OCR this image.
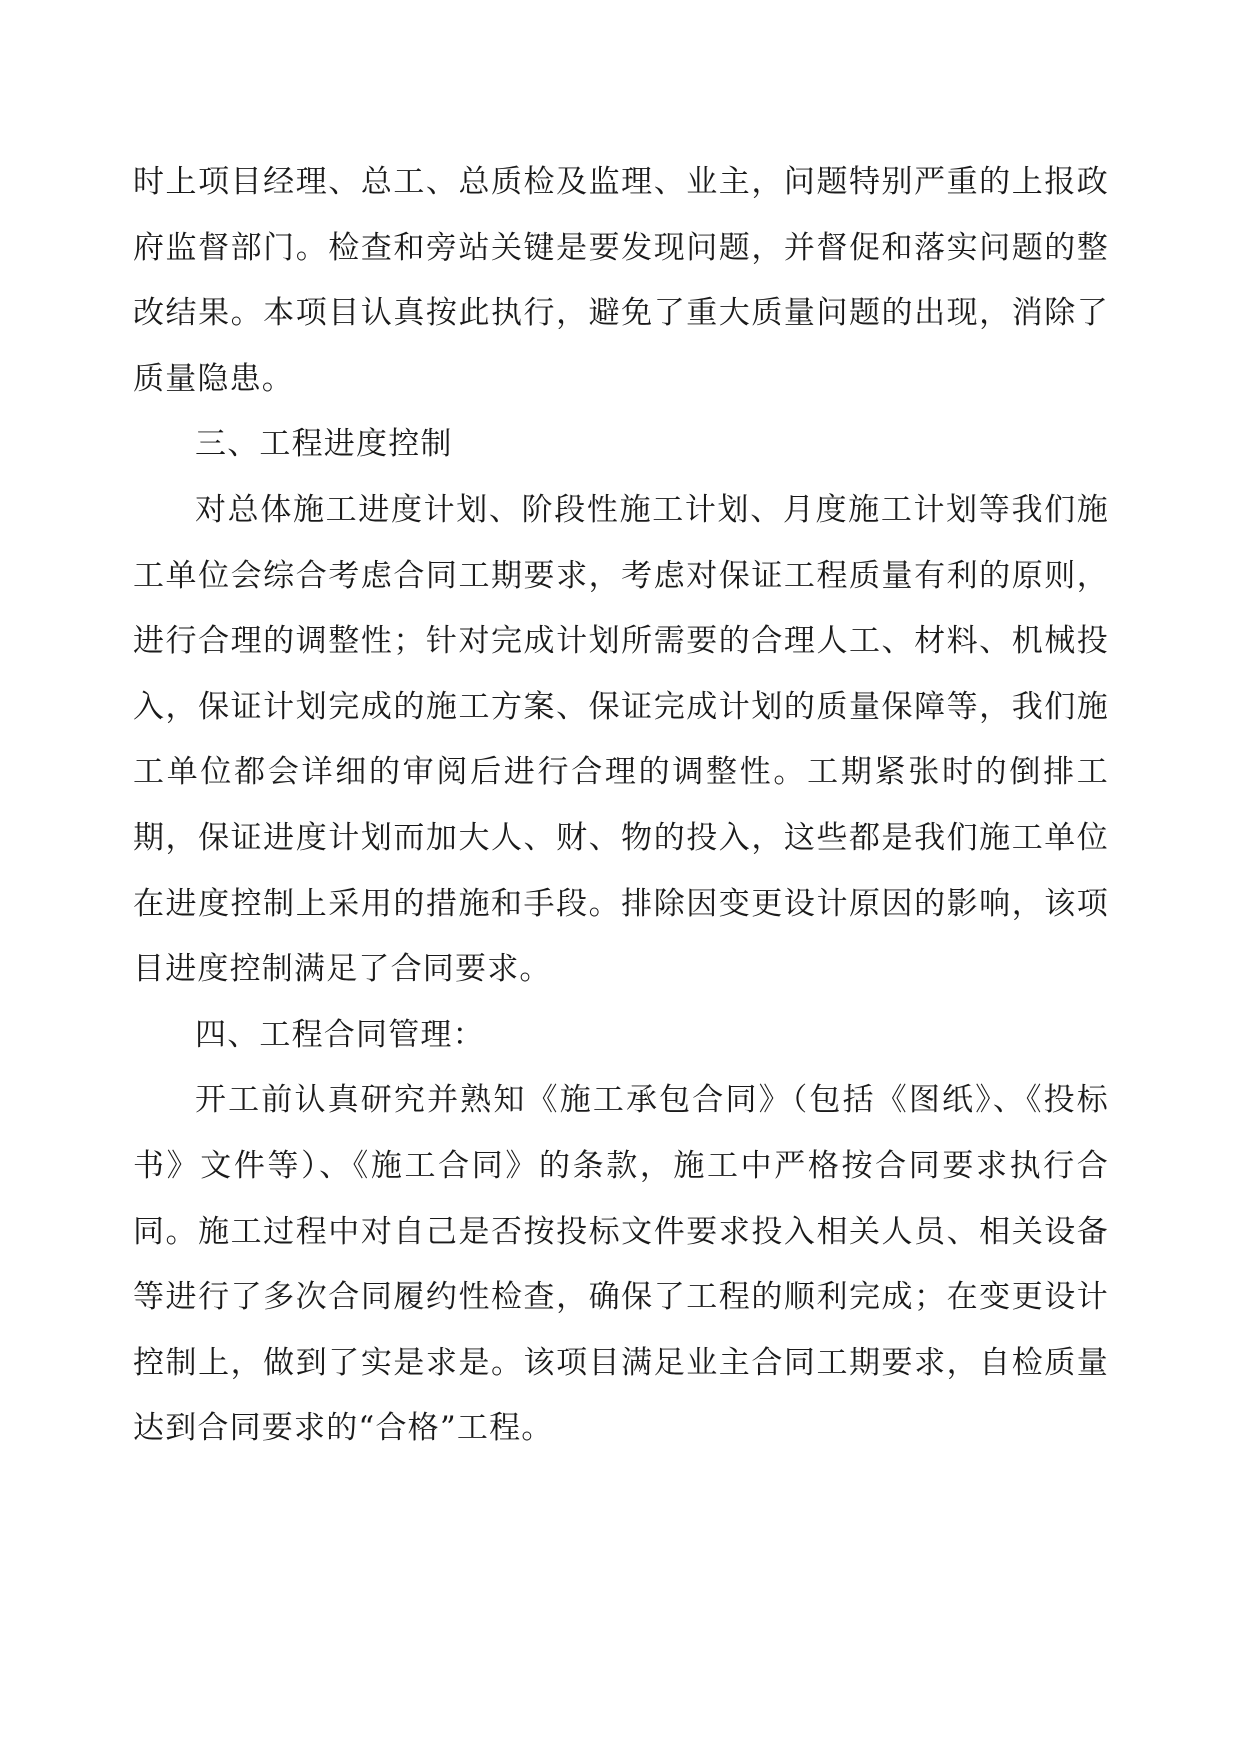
时上项目经理、总工、总质检及监理、业主，问题特别严重的上报政府监督部门。检查和旁站关键是要发现问题，并督促和落实问题的整改结果。本项目认真按此执行，避免了重大质量问题的出现，消除了质量隐患。

三、工程进度控制

对总体施工进度计划、阶段性施工计划、月度施工计划等我们施工单位会综合考虑合同工期要求，考虑对保证工程质量有利的原则，进行合理的调整性；针对完成计划所需要的合理人工、材料、机械投入，保证计划完成的施工方案、保证完成计划的质量保障等，我们施工单位都会详细的审阅后进行合理的调整性。工期紧张时的倒排工期，保证进度计划而加大人、财、物的投入，这些都是我们施工单位在进度控制上采用的措施和手段。排除因变更设计原因的影响，该项目进度控制满足了合同要求。

四、工程合同管理：

开工前认真研究并熟知《施工承包合同》（包括《图纸》、《投标书》文件等）、《施工合同》的条款，施工中严格按合同要求执行合同。施工过程中对自己是否按投标文件要求投入相关人员、相关设备等进行了多次合同履约性检查，确保了工程的顺利完成；在变更设计控制上，做到了实是求是。该项目满足业主合同工期要求，自检质量达到合同要求的“合格”工程。
